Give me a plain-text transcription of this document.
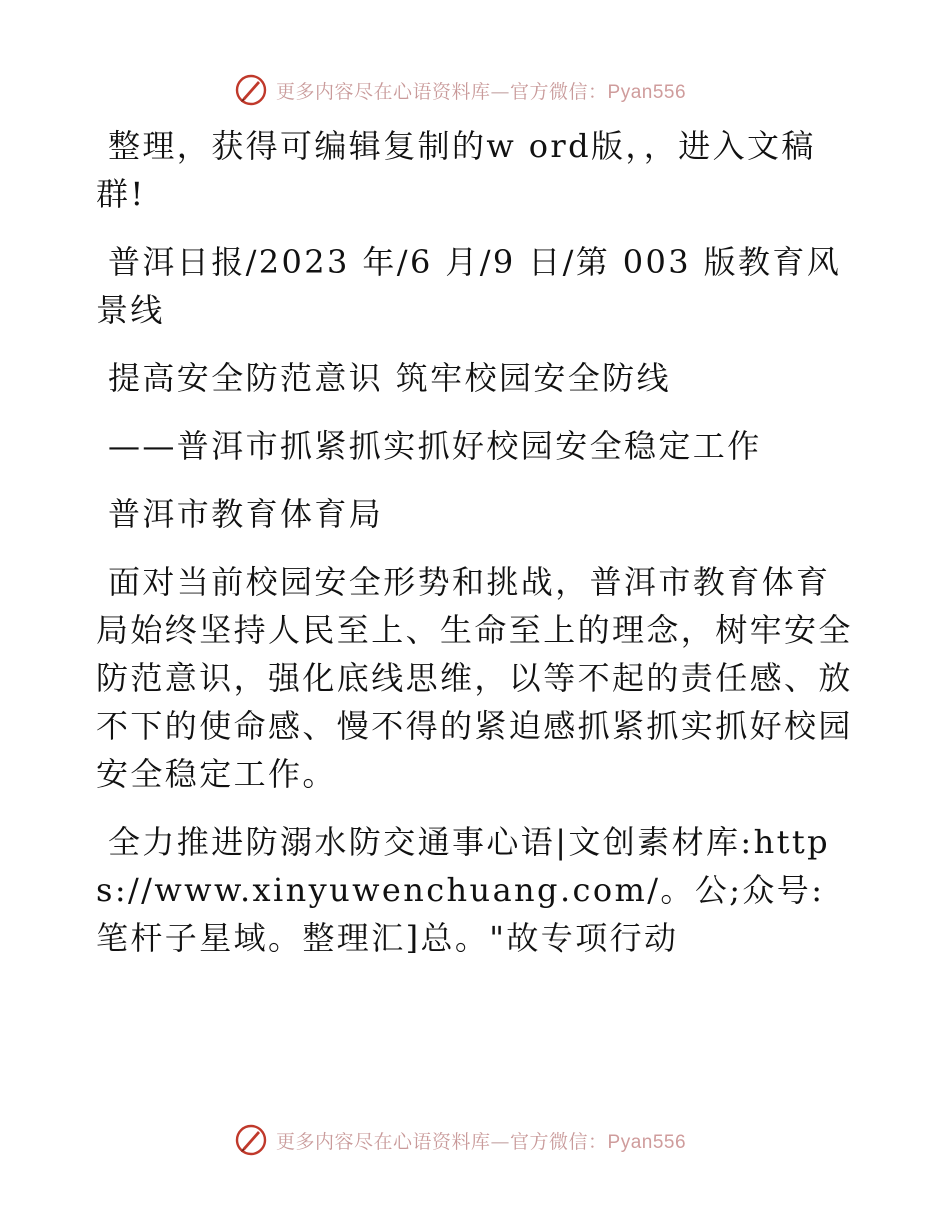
更多内容尽在心语资料库—官方微信：Pyan556

整理，获得可编辑复制的w ord版，，进入文稿群!

普洱日报/2023 年/6 月/9 日/第 003 版教育风景线

提高安全防范意识 筑牢校园安全防线

——普洱市抓紧抓实抓好校园安全稳定工作

普洱市教育体育局

面对当前校园安全形势和挑战，普洱市教育体育局始终坚持人民至上、生命至上的理念，树牢安全防范意识，强化底线思维，以等不起的责任感、放不下的使命感、慢不得的紧迫感抓紧抓实抓好校园安全稳定工作。

全力推进防溺水防交通事心语|文创素材库:https://www.xinyuwenchuang.com/。公;众号: 笔杆子星域。整理汇]总。"故专项行动

更多内容尽在心语资料库—官方微信：Pyan556
